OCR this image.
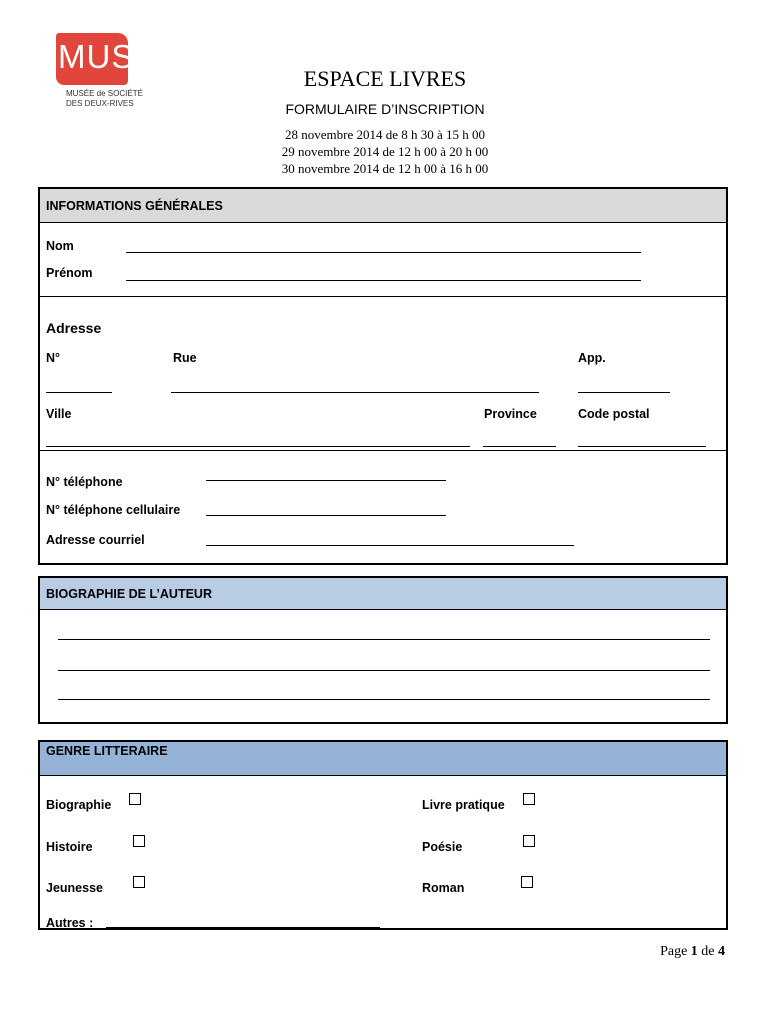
MUSO
MUSÉE de SOCIÉTÉ
DES DEUX-RIVES
ESPACE LIVRES
FORMULAIRE D’INSCRIPTION
28 novembre 2014 de 8 h 30 à 15 h 00
29 novembre 2014 de 12 h 00 à 20 h 00
30 novembre 2014 de 12 h 00 à 16 h 00
INFORMATIONS GÉNÉRALES
Nom
Prénom
Adresse
N°	Rue	App.
Ville	Province	Code postal
N° téléphone
N° téléphone cellulaire
Adresse courriel
BIOGRAPHIE DE L’AUTEUR
GENRE LITTERAIRE
Biographie	Livre pratique
Histoire	Poésie
Jeunesse	Roman
Autres :
Page 1 de 4
